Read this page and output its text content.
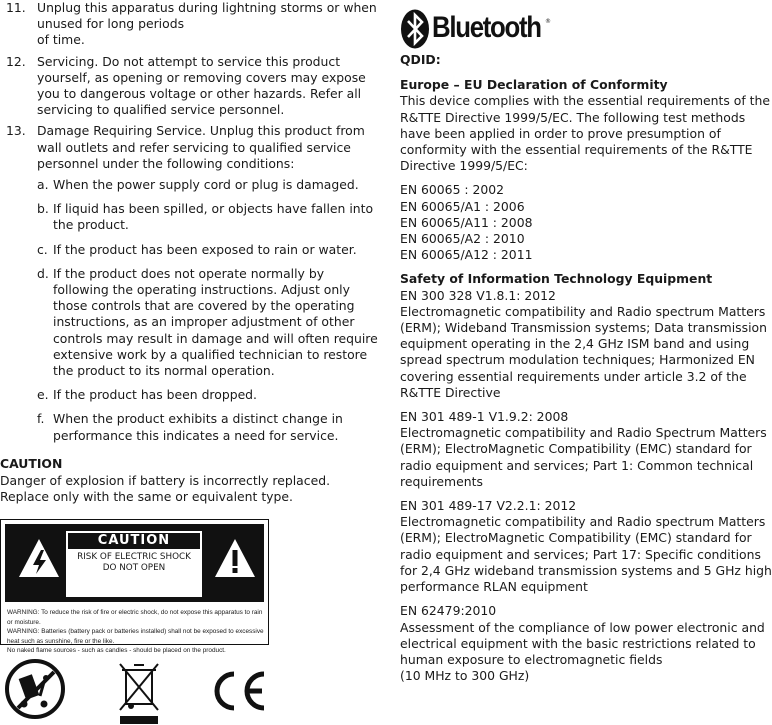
11. Unplug this apparatus during lightning storms or when unused for long periods
of time.
12. Servicing. Do not attempt to service this product yourself, as opening or removing covers may expose you to dangerous voltage or other hazards. Refer all servicing to qualified service personnel.
13. Damage Requiring Service. Unplug this product from wall outlets and refer servicing to qualified service personnel under the following conditions:
a. When the power supply cord or plug is damaged.
b. If liquid has been spilled, or objects have fallen into the product.
c. If the product has been exposed to rain or water.
d. If the product does not operate normally by following the operating instructions. Adjust only those controls that are covered by the operating instructions, as an improper adjustment of other controls may result in damage and will often require extensive work by a qualified technician to restore the product to its normal operation.
e. If the product has been dropped.
f. When the product exhibits a distinct change in performance this indicates a need for service.
CAUTION
Danger of explosion if battery is incorrectly replaced. Replace only with the same or equivalent type.
CAUTION
RISK OF ELECTRIC SHOCK
DO NOT OPEN
WARNING: To reduce the risk of fire or electric shock, do not expose this apparatus to rain or moisture.
WARNING: Batteries (battery pack or batteries installed) shall not be exposed to excessive heat such as sunshine, fire or the like.
No naked flame sources - such as candles - should be placed on the product.
Bluetooth ®
QDID:
Europe – EU Declaration of Conformity
This device complies with the essential requirements of the R&TTE Directive 1999/5/EC. The following test methods have been applied in order to prove presumption of conformity with the essential requirements of the R&TTE Directive 1999/5/EC:
EN 60065 : 2002
EN 60065/A1 : 2006
EN 60065/A11 : 2008
EN 60065/A2 : 2010
EN 60065/A12 : 2011
Safety of Information Technology Equipment
EN 300 328 V1.8.1: 2012
Electromagnetic compatibility and Radio spectrum Matters (ERM); Wideband Transmission systems; Data transmission equipment operating in the 2,4 GHz ISM band and using spread spectrum modulation techniques; Harmonized EN covering essential requirements under article 3.2 of the R&TTE Directive
EN 301 489-1 V1.9.2: 2008
Electromagnetic compatibility and Radio Spectrum Matters (ERM); ElectroMagnetic Compatibility (EMC) standard for radio equipment and services; Part 1: Common technical requirements
EN 301 489-17 V2.2.1: 2012
Electromagnetic compatibility and Radio spectrum Matters (ERM); ElectroMagnetic Compatibility (EMC) standard for radio equipment and services; Part 17: Specific conditions for 2,4 GHz wideband transmission systems and 5 GHz high performance RLAN equipment
EN 62479:2010
Assessment of the compliance of low power electronic and electrical equipment with the basic restrictions related to human exposure to electromagnetic fields
(10 MHz to 300 GHz)
